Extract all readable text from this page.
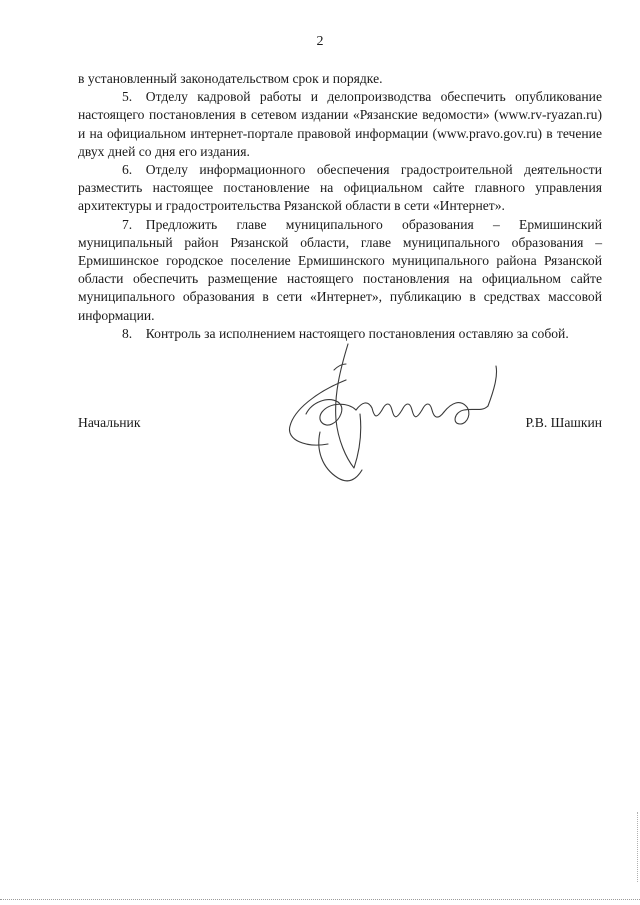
2

в установленный законодательством срок и порядке.

5. Отделу кадровой работы и делопроизводства обеспечить опубликование настоящего постановления в сетевом издании «Рязанские ведомости» (www.rv-ryazan.ru) и на официальном интернет-портале правовой информации (www.pravo.gov.ru) в течение двух дней со дня его издания.

6. Отделу информационного обеспечения градостроительной деятельности разместить настоящее постановление на официальном сайте главного управления архитектуры и градостроительства Рязанской области в сети «Интернет».

7. Предложить главе муниципального образования – Ермишинский муниципальный район Рязанской области, главе муниципального образования – Ермишинское городское поселение Ермишинского муниципального района Рязанской области обеспечить размещение настоящего постановления на официальном сайте муниципального образования в сети «Интернет», публикацию в средствах массовой информации.

8. Контроль за исполнением настоящего постановления оставляю за собой.

Начальник	Р.В. Шашкин
